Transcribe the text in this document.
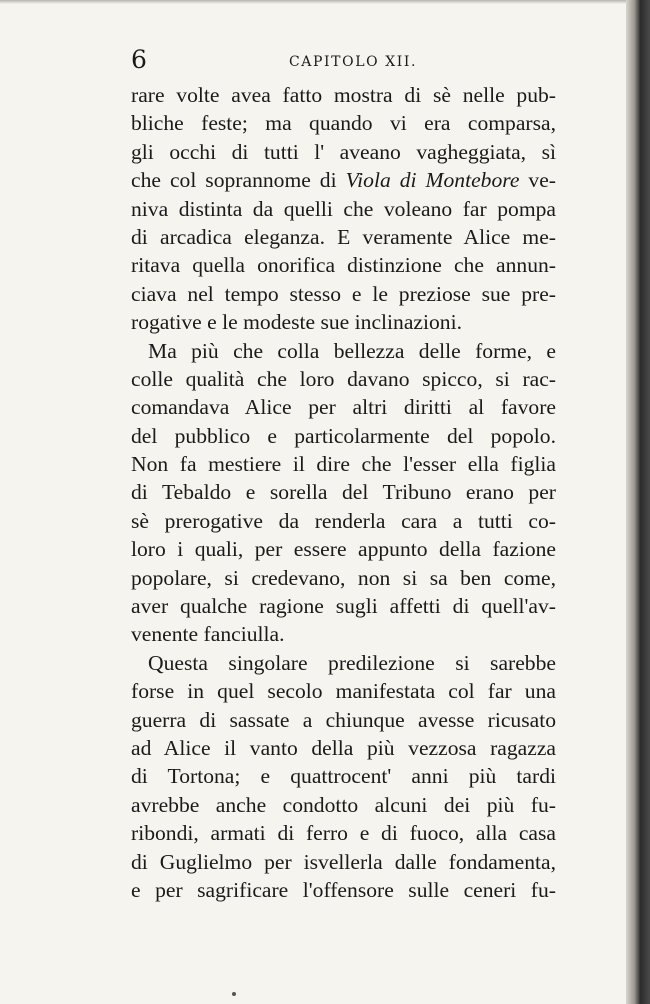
6	CAPITOLO XII.
rare volte avea fatto mostra di sè nelle pub-
bliche feste; ma quando vi era comparsa,
gli occhi di tutti l' aveano vagheggiata, sì
che col soprannome di Viola di Montebore ve-
niva distinta da quelli che voleano far pompa
di arcadica eleganza. E veramente Alice me-
ritava quella onorifica distinzione che annun-
ciava nel tempo stesso e le preziose sue pre-
rogative e le modeste sue inclinazioni.
Ma più che colla bellezza delle forme, e
colle qualità che loro davano spicco, si rac-
comandava Alice per altri diritti al favore
del pubblico e particolarmente del popolo.
Non fa mestiere il dire che l'esser ella figlia
di Tebaldo e sorella del Tribuno erano per
sè prerogative da renderla cara a tutti co-
loro i quali, per essere appunto della fazione
popolare, si credevano, non si sa ben come,
aver qualche ragione sugli affetti di quell'av-
venente fanciulla.
Questa singolare predilezione si sarebbe
forse in quel secolo manifestata col far una
guerra di sassate a chiunque avesse ricusato
ad Alice il vanto della più vezzosa ragazza
di Tortona; e quattrocent' anni più tardi
avrebbe anche condotto alcuni dei più fu-
ribondi, armati di ferro e di fuoco, alla casa
di Guglielmo per isvellerla dalle fondamenta,
e per sagrificare l'offensore sulle ceneri fu-
